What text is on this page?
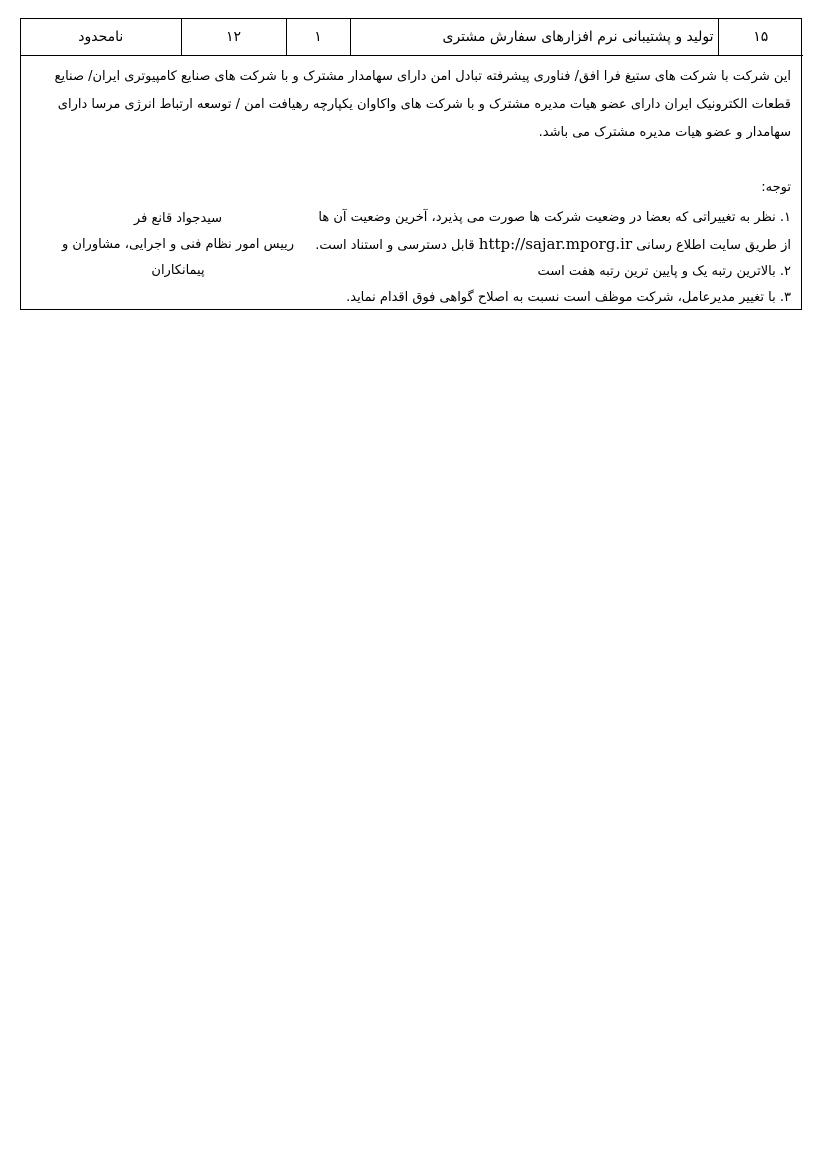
۱۵	تولید و پشتیبانی نرم افزارهای سفارش مشتری	۱	۱۲	نامحدود

این شرکت با شرکت های ستیغ فرا افق/ فناوری پیشرفته تبادل امن دارای سهامدار مشترک و با شرکت های صنایع کامپیوتری ایران/ صنایع قطعات الکترونیک ایران دارای عضو هیات مدیره مشترک و با شرکت های واکاوان یکپارچه رهیافت امن / توسعه ارتباط انرژی مرسا دارای سهامدار و عضو هیات مدیره مشترک می باشد.

توجه:

۱. نظر به تغییراتی که بعضا در وضعیت شرکت ها صورت می پذیرد، آخرین وضعیت آن ها از طریق سایت اطلاع رسانی http://sajar.mporg.ir قابل دسترسی و استناد است.
۲. بالاترین رتبه یک و پایین ترین رتبه هفت است
۳. با تغییر مدیرعامل، شرکت موظف است نسبت به اصلاح گواهی فوق اقدام نماید.
سیدجواد قانع فر
رییس امور نظام فنی و اجرایی، مشاوران و پیمانکاران
